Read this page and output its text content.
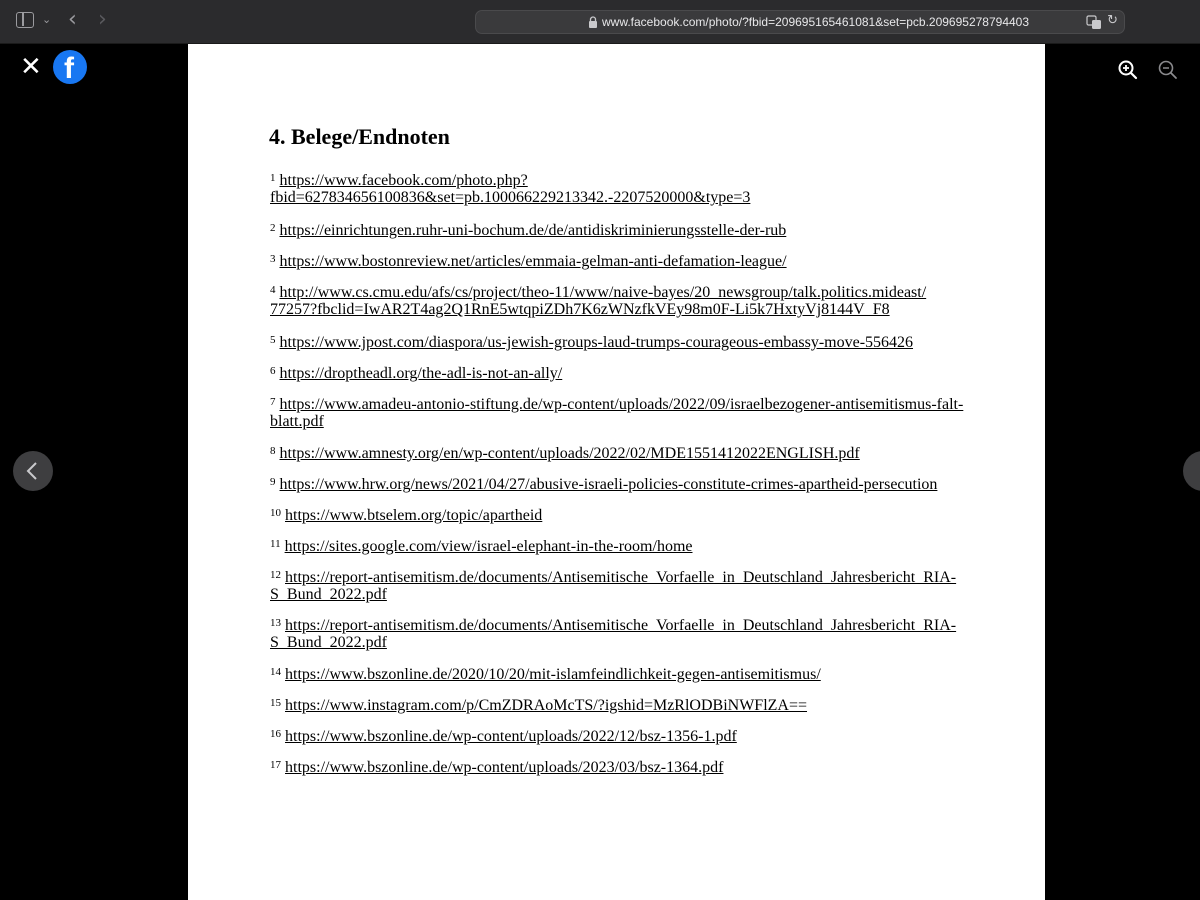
⌄ ‹ ›	www.facebook.com/photo/?fbid=209695165461081&set=pcb.209695278794403	↻
✕ f
4. Belege/Endnoten
$^1$ https://www.facebook.com/photo.php?
fbid=627834656100836&set=pb.100066229213342.-2207520000&type=3
$^2$ https://einrichtungen.ruhr-uni-bochum.de/de/antidiskriminierungsstelle-der-rub
$^3$ https://www.bostonreview.net/articles/emmaia-gelman-anti-defamation-league/
$^4$ http://www.cs.cmu.edu/afs/cs/project/theo-11/www/naive-bayes/20_newsgroup/talk.politics.mideast/
77257?fbclid=IwAR2T4ag2Q1RnE5wtqpiZDh7K6zWNzfkVEy98m0F-Li5k7HxtyVj8144V_F8
$^5$ https://www.jpost.com/diaspora/us-jewish-groups-laud-trumps-courageous-embassy-move-556426
$^6$ https://droptheadl.org/the-adl-is-not-an-ally/
$^7$ https://www.amadeu-antonio-stiftung.de/wp-content/uploads/2022/09/israelbezogener-antisemitismus-falt-
blatt.pdf
$^8$ https://www.amnesty.org/en/wp-content/uploads/2022/02/MDE1551412022ENGLISH.pdf
$^9$ https://www.hrw.org/news/2021/04/27/abusive-israeli-policies-constitute-crimes-apartheid-persecution
$^{10}$ https://www.btselem.org/topic/apartheid
$^{11}$ https://sites.google.com/view/israel-elephant-in-the-room/home
$^{12}$ https://report-antisemitism.de/documents/Antisemitische_Vorfaelle_in_Deutschland_Jahresbericht_RIA-
S_Bund_2022.pdf
$^{13}$ https://report-antisemitism.de/documents/Antisemitische_Vorfaelle_in_Deutschland_Jahresbericht_RIA-
S_Bund_2022.pdf
$^{14}$ https://www.bszonline.de/2020/10/20/mit-islamfeindlichkeit-gegen-antisemitismus/
$^{15}$ https://www.instagram.com/p/CmZDRAoMcTS/?igshid=MzRlODBiNWFlZA==
$^{16}$ https://www.bszonline.de/wp-content/uploads/2022/12/bsz-1356-1.pdf
$^{17}$ https://www.bszonline.de/wp-content/uploads/2023/03/bsz-1364.pdf
